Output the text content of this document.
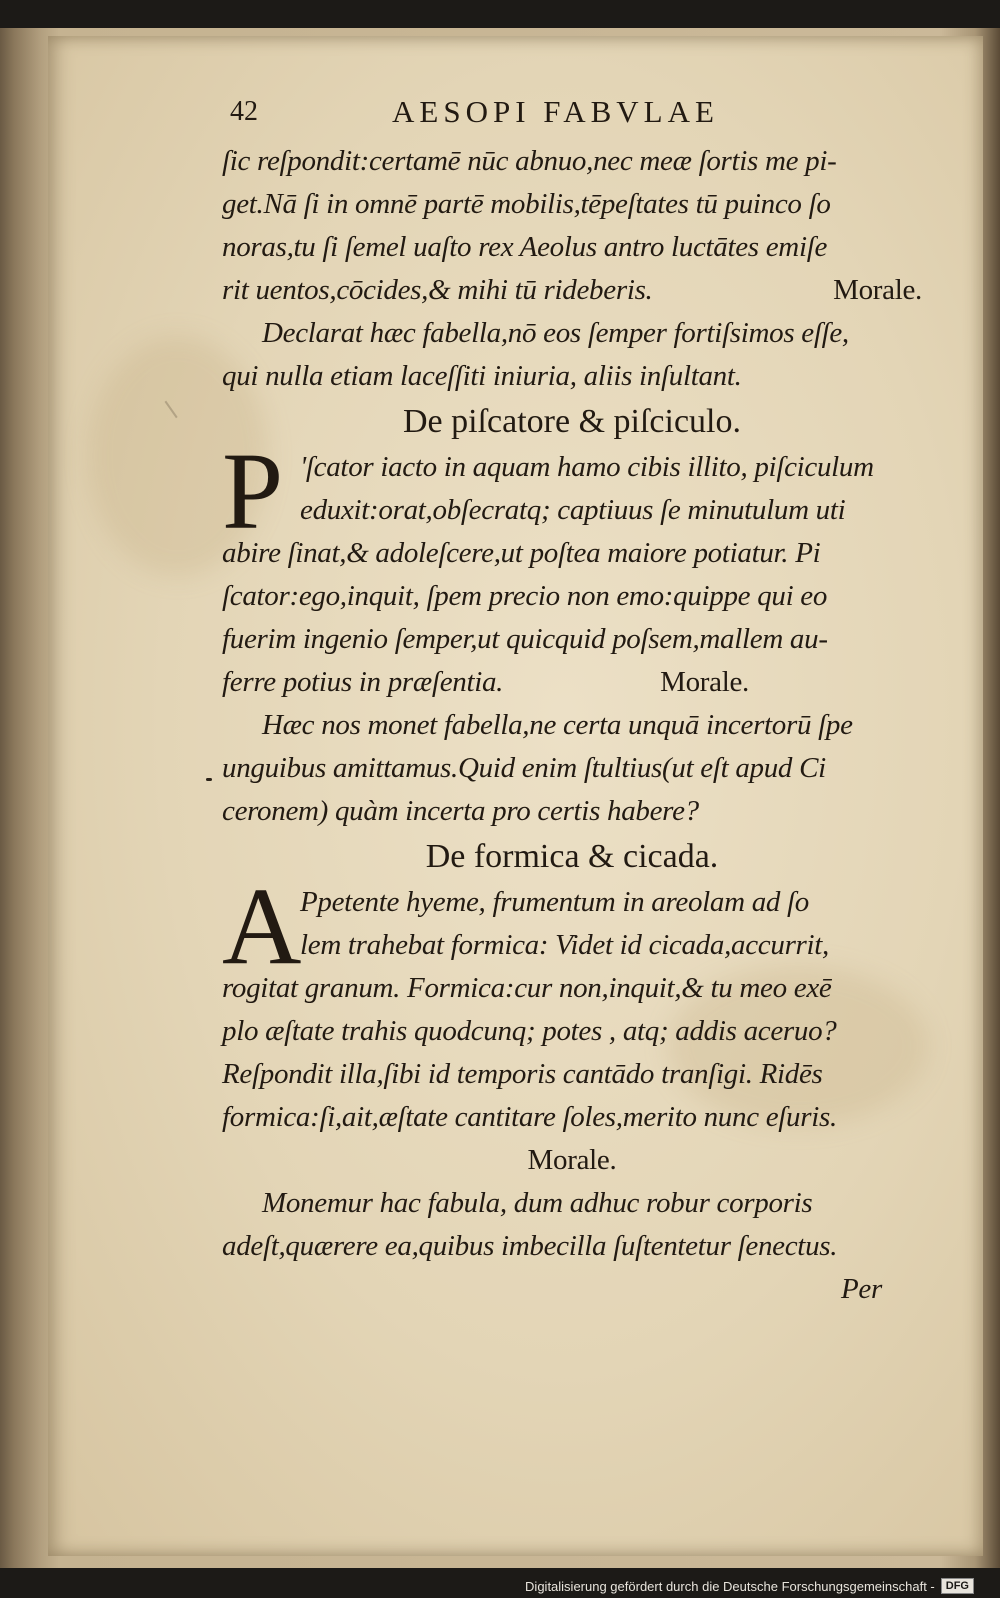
42	AESOPI FABVLAE
ſic reſpondit:certamē nūc abnuo,nec meæ ſortis me pi-
get.Nā ſi in omnē partē mobilis,tēpeſtates tū puinco ſo
noras,tu ſi ſemel uaſto rex Aeolus antro luctātes emiſe
rit uentos,cōcides,& mihi tū rideberis.	Morale.
Declarat hæc fabella,nō eos ſemper fortiſsimos eſſe,
qui nulla etiam laceſſiti iniuria, aliis inſultant.
De piſcatore & piſciculo.
P 'ſcator iacto in aquam hamo cibis illito, piſciculum
eduxit:orat,obſecratq; captiuus ſe minutulum uti
abire ſinat,& adoleſcere,ut poſtea maiore potiatur. Pi
ſcator:ego,inquit, ſpem precio non emo:quippe qui eo
fuerim ingenio ſemper,ut quicquid poſsem,mallem au-
ferre potius in præſentia.	Morale.
Hæc nos monet fabella,ne certa unquā incertorū ſpe
unguibus amittamus.Quid enim ſtultius(ut eſt apud Ci
ceronem) quàm incerta pro certis habere?
De formica & cicada.
A
Ppetente hyeme, frumentum in areolam ad ſo
lem trahebat formica: Videt id cicada,accurrit,
rogitat granum. Formica:cur non,inquit,& tu meo exē
plo æſtate trahis quodcunq; potes , atq; addis aceruo?
Reſpondit illa,ſibi id temporis cantādo tranſigi. Ridēs
formica:ſi,ait,æſtate cantitare ſoles,merito nunc eſuris.
Morale.
Monemur hac fabula, dum adhuc robur corporis
adeſt,quærere ea,quibus imbecilla ſuſtentetur ſenectus.
Per
Digitalisierung gefördert durch die Deutsche Forschungsgemeinschaft -	DFG
